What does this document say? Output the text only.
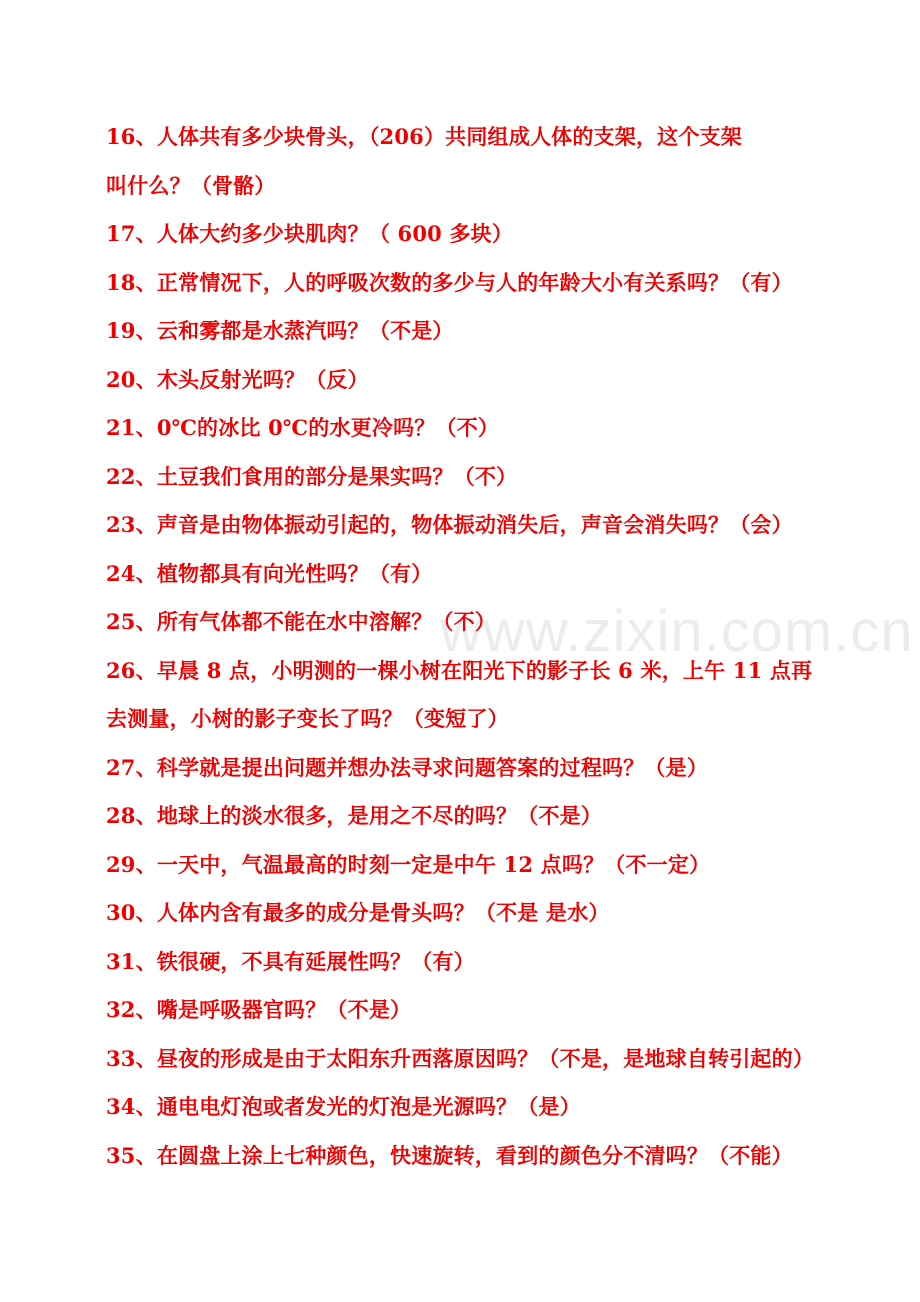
www.zixin.com.cn
16、人体共有多少块骨头，（206）共同组成人体的支架，这个支架
叫什么？（骨骼）
17、人体大约多少块肌肉？（ 600 多块）
18、正常情况下，人的呼吸次数的多少与人的年龄大小有关系吗？（有）
19、云和雾都是水蒸汽吗？（不是）
20、木头反射光吗？（反）
21、0℃的冰比 0℃的水更冷吗？（不）
22、土豆我们食用的部分是果实吗？（不）
23、声音是由物体振动引起的，物体振动消失后，声音会消失吗？（会）
24、植物都具有向光性吗？（有）
25、所有气体都不能在水中溶解？（不）
26、早晨 8 点，小明测的一棵小树在阳光下的影子长 6 米，上午 11 点再
去测量，小树的影子变长了吗？（变短了）
27、科学就是提出问题并想办法寻求问题答案的过程吗？（是）
28、地球上的淡水很多，是用之不尽的吗？（不是）
29、一天中，气温最高的时刻一定是中午 12 点吗？（不一定）
30、人体内含有最多的成分是骨头吗？（不是 是水）
31、铁很硬，不具有延展性吗？（有）
32、嘴是呼吸器官吗？（不是）
33、昼夜的形成是由于太阳东升西落原因吗？（不是，是地球自转引起的）
34、通电电灯泡或者发光的灯泡是光源吗？（是）
35、在圆盘上涂上七种颜色，快速旋转，看到的颜色分不清吗？（不能）
